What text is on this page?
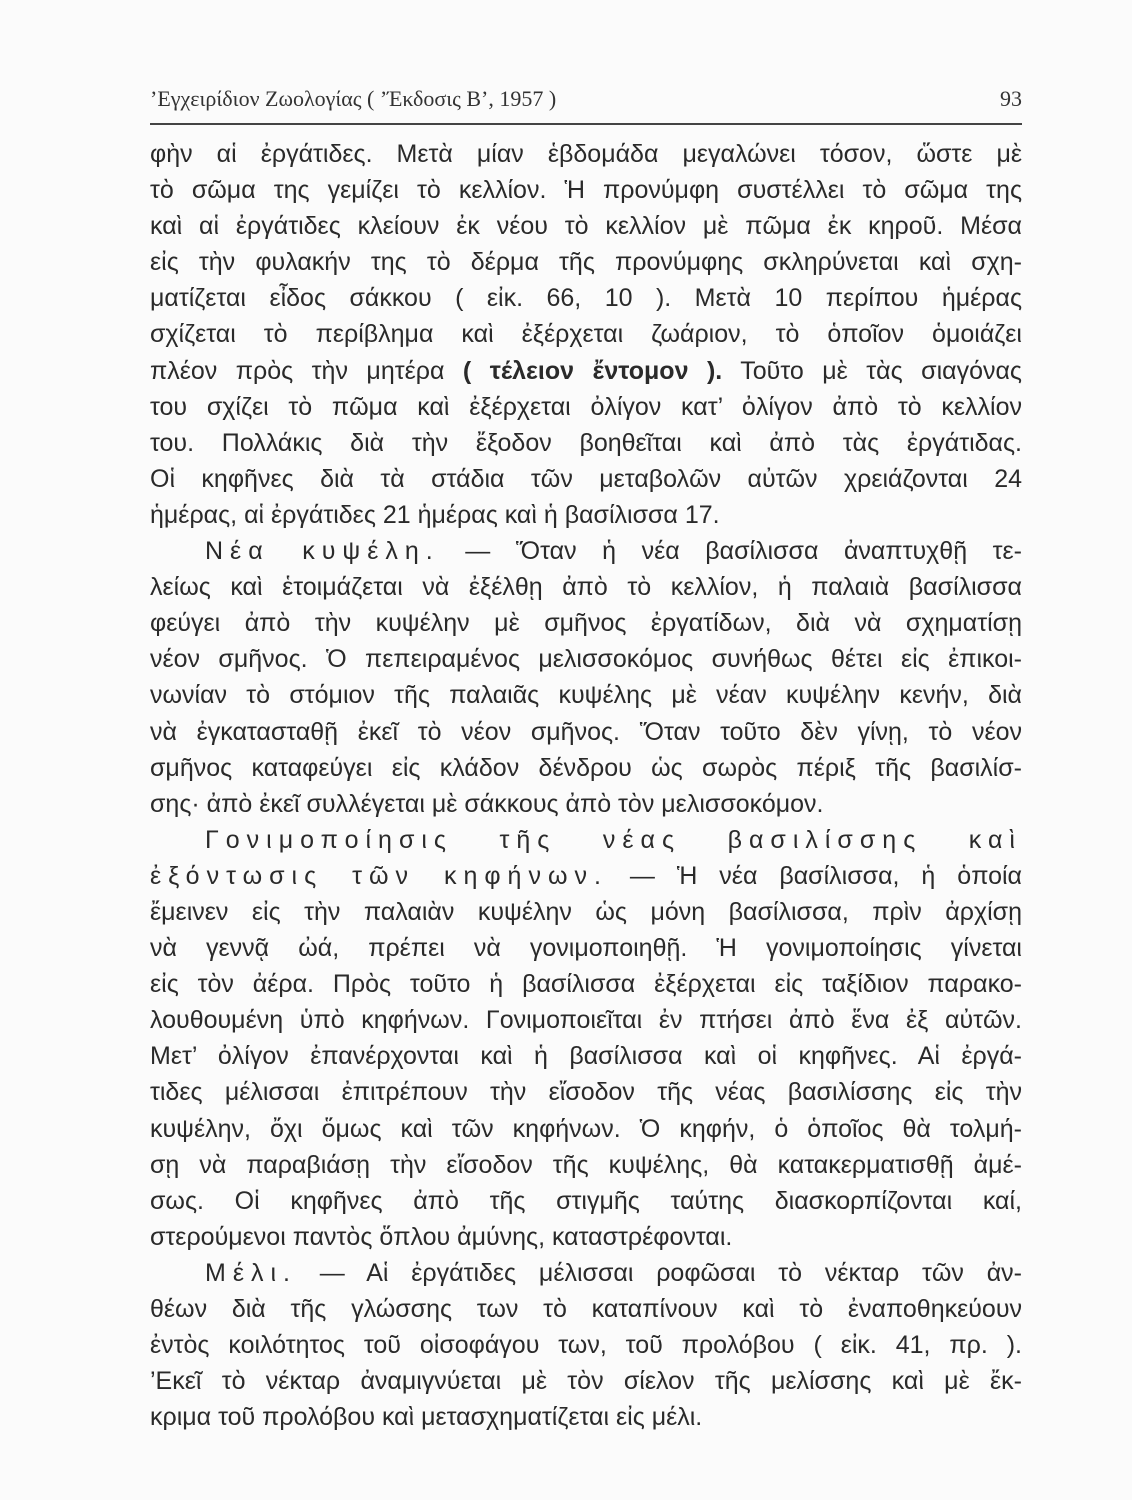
’Εγχειρίδιον Ζωολογίας ( ’Έκδοσις Β’, 1957 )	93
φὴν αἱ ἐργάτιδες. Μετὰ μίαν ἑβδομάδα μεγαλώνει τόσον, ὥστε μὲ
τὸ σῶμα της γεμίζει τὸ κελλίον. Ἡ προνύμφη συστέλλει τὸ σῶμα της
καὶ αἱ ἐργάτιδες κλείουν ἐκ νέου τὸ κελλίον μὲ πῶμα ἐκ κηροῦ. Μέσα
εἰς τὴν φυλακήν της τὸ δέρμα τῆς προνύμφης σκληρύνεται καὶ σχη-
ματίζεται εἶδος σάκκου ( εἰκ. 66, 10 ). Μετὰ 10 περίπου ἡμέρας
σχίζεται τὸ περίβλημα καὶ ἐξέρχεται ζωάριον, τὸ ὁποῖον ὁμοιάζει
πλέον πρὸς τὴν μητέρα ( τέλειον ἔντομον ). Τοῦτο μὲ τὰς σιαγόνας
του σχίζει τὸ πῶμα καὶ ἐξέρχεται ὀλίγον κατ’ ὀλίγον ἀπὸ τὸ κελλίον
του. Πολλάκις διὰ τὴν ἔξοδον βοηθεῖται καὶ ἀπὸ τὰς ἐργάτιδας.
Οἱ κηφῆνες διὰ τὰ στάδια τῶν μεταβολῶν αὐτῶν χρειάζονται 24
ἡμέρας, αἱ ἐργάτιδες 21 ἡμέρας καὶ ἡ βασίλισσα 17.
Νέα κυψέλη. — Ὅταν ἡ νέα βασίλισσα ἀναπτυχθῇ τε-
λείως καὶ ἑτοιμάζεται νὰ ἐξέλθῃ ἀπὸ τὸ κελλίον, ἡ παλαιὰ βασίλισσα
φεύγει ἀπὸ τὴν κυψέλην μὲ σμῆνος ἐργατίδων, διὰ νὰ σχηματίσῃ
νέον σμῆνος. Ὁ πεπειραμένος μελισσοκόμος συνήθως θέτει εἰς ἐπικοι-
νωνίαν τὸ στόμιον τῆς παλαιᾶς κυψέλης μὲ νέαν κυψέλην κενήν, διὰ
νὰ ἐγκατασταθῇ ἐκεῖ τὸ νέον σμῆνος. Ὅταν τοῦτο δὲν γίνῃ, τὸ νέον
σμῆνος καταφεύγει εἰς κλάδον δένδρου ὡς σωρὸς πέριξ τῆς βασιλίσ-
σης· ἀπὸ ἐκεῖ συλλέγεται μὲ σάκκους ἀπὸ τὸν μελισσοκόμον.
Γονιμοποίησις τῆς νέας βασιλίσσης καὶ
ἐξόντωσις τῶν κηφήνων. — Ἡ νέα βασίλισσα, ἡ ὁποία
ἔμεινεν εἰς τὴν παλαιὰν κυψέλην ὡς μόνη βασίλισσα, πρὶν ἀρχίσῃ
νὰ γεννᾷ ὠά, πρέπει νὰ γονιμοποιηθῇ. Ἡ γονιμοποίησις γίνεται
εἰς τὸν ἀέρα. Πρὸς τοῦτο ἡ βασίλισσα ἐξέρχεται εἰς ταξίδιον παρακο-
λουθουμένη ὑπὸ κηφήνων. Γονιμοποιεῖται ἐν πτήσει ἀπὸ ἕνα ἐξ αὐτῶν.
Μετ’ ὀλίγον ἐπανέρχονται καὶ ἡ βασίλισσα καὶ οἱ κηφῆνες. Αἱ ἐργά-
τιδες μέλισσαι ἐπιτρέπουν τὴν εἴσοδον τῆς νέας βασιλίσσης εἰς τὴν
κυψέλην, ὄχι ὅμως καὶ τῶν κηφήνων. Ὁ κηφήν, ὁ ὁποῖος θὰ τολμή-
σῃ νὰ παραβιάσῃ τὴν εἴσοδον τῆς κυψέλης, θὰ κατακερματισθῇ ἀμέ-
σως. Οἱ κηφῆνες ἀπὸ τῆς στιγμῆς ταύτης διασκορπίζονται καί,
στερούμενοι παντὸς ὅπλου ἀμύνης, καταστρέφονται.
Μέλι. — Αἱ ἐργάτιδες μέλισσαι ροφῶσαι τὸ νέκταρ τῶν ἀν-
θέων διὰ τῆς γλώσσης των τὸ καταπίνουν καὶ τὸ ἐναποθηκεύουν
ἐντὸς κοιλότητος τοῦ οἰσοφάγου των, τοῦ προλόβου ( εἰκ. 41, πρ. ).
’Εκεῖ τὸ νέκταρ ἀναμιγνύεται μὲ τὸν σίελον τῆς μελίσσης καὶ μὲ ἔκ-
κριμα τοῦ προλόβου καὶ μετασχηματίζεται εἰς μέλι.
